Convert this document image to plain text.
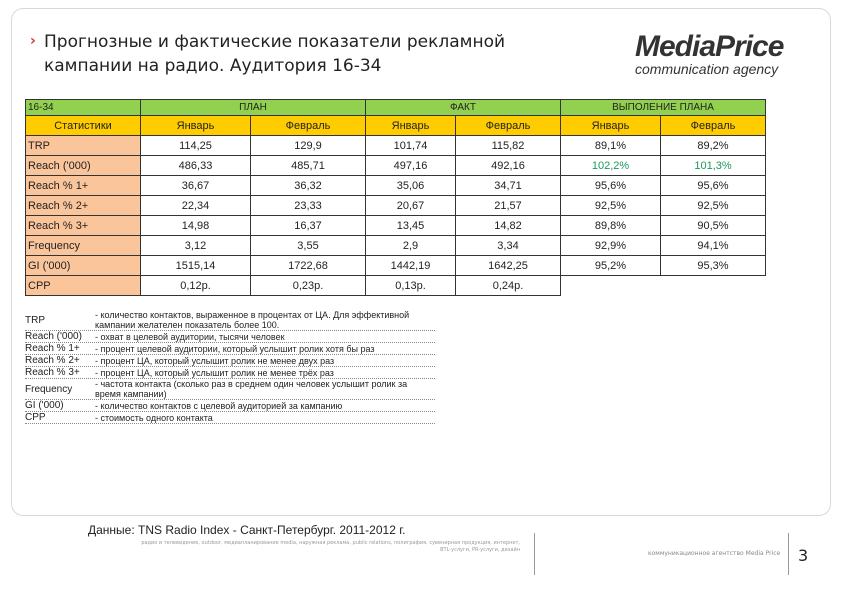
› Прогнозные и фактические показатели рекламной кампании на радио. Аудитория 16-34
MediaPrice
communication agency
16-34	ПЛАН		ФАКТ		ВЫПОЛЕНИЕ ПЛАНА	
Статистики	Январь	Февраль	Январь	Февраль	Январь	Февраль
TRP	114,25	129,9	101,74	115,82	89,1%	89,2%
Reach ('000)	486,33	485,71	497,16	492,16	102,2%	101,3%
Reach % 1+	36,67	36,32	35,06	34,71	95,6%	95,6%
Reach % 2+	22,34	23,33	20,67	21,57	92,5%	92,5%
Reach % 3+	14,98	16,37	13,45	14,82	89,8%	90,5%
Frequency	3,12	3,55	2,9	3,34	92,9%	94,1%
GI ('000)	1515,14	1722,68	1442,19	1642,25	95,2%	95,3%
CPP	0,12р.	0,23р.	0,13р.	0,24р.		
TRP	- количество контактов, выраженное в процентах от ЦА. Для эффективной кампании желателен показатель более 100.
Reach ('000)	- охват в целевой аудитории, тысячи человек
Reach % 1+	- процент целевой аудитории, который услышит ролик хотя бы раз
Reach % 2+	- процент ЦА, который услышит ролик не менее двух раз
Reach % 3+	- процент ЦА, который услышит ролик не менее трёх раз
Frequency	- частота контакта (сколько раз в среднем один человек услышит ролик за время кампании)
GI ('000)	- количество контактов с целевой аудиторией за кампанию
CPP	- стоимость одного контакта
Данные: TNS Radio Index - Санкт-Петербург. 2011-2012 г.
радио и телевидение, outdoor, медиапланирование media, наружная реклама, public relations, полиграфия, сувенирная продукция, интернет, BTL-услуги, PR-услуги, дизайн	коммуникационное агентство Media Price 3
